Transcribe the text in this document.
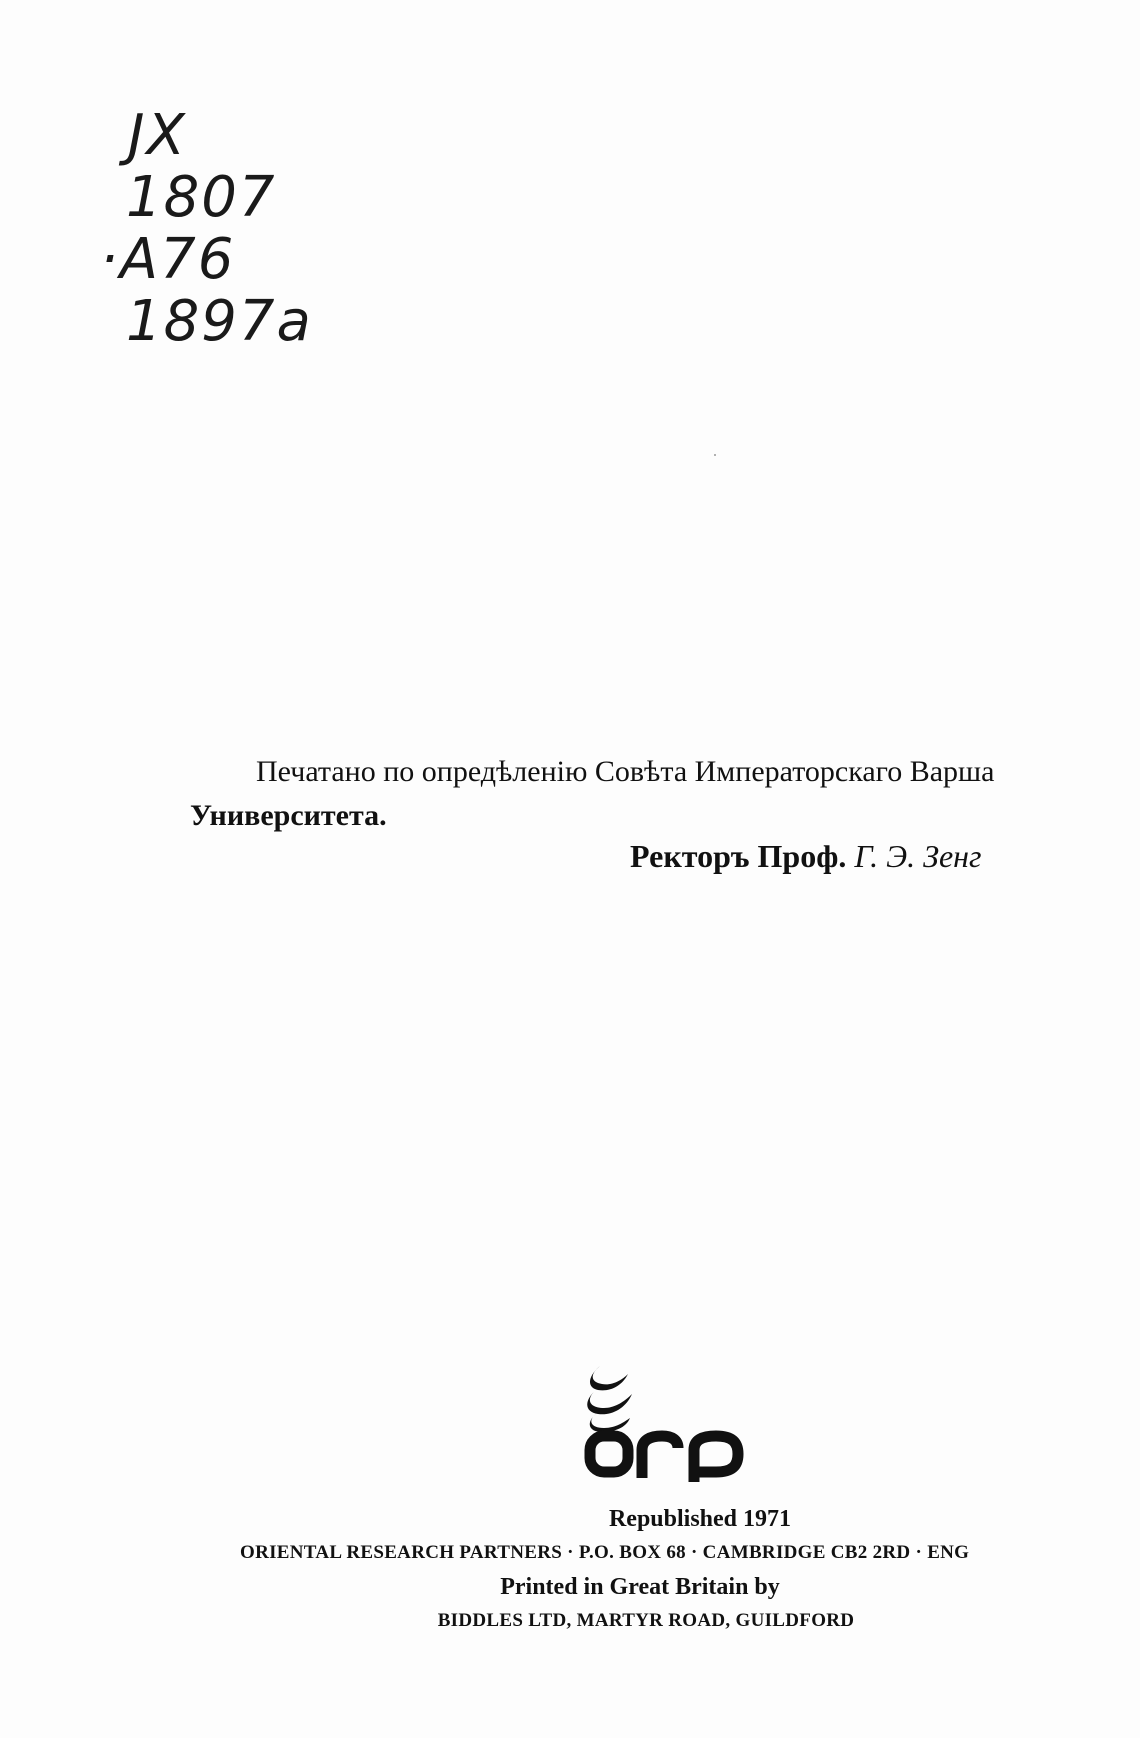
JX
1807
·A76
1897a
Печатано по опредѣленію Совѣта Императорскаго Варша
Университета.
Ректоръ Проф. Г. Э. Зенг
orp
Republished 1971
ORIENTAL RESEARCH PARTNERS · P.O. BOX 68 · CAMBRIDGE CB2 2RD · ENG
Printed in Great Britain by
BIDDLES LTD, MARTYR ROAD, GUILDFORD
